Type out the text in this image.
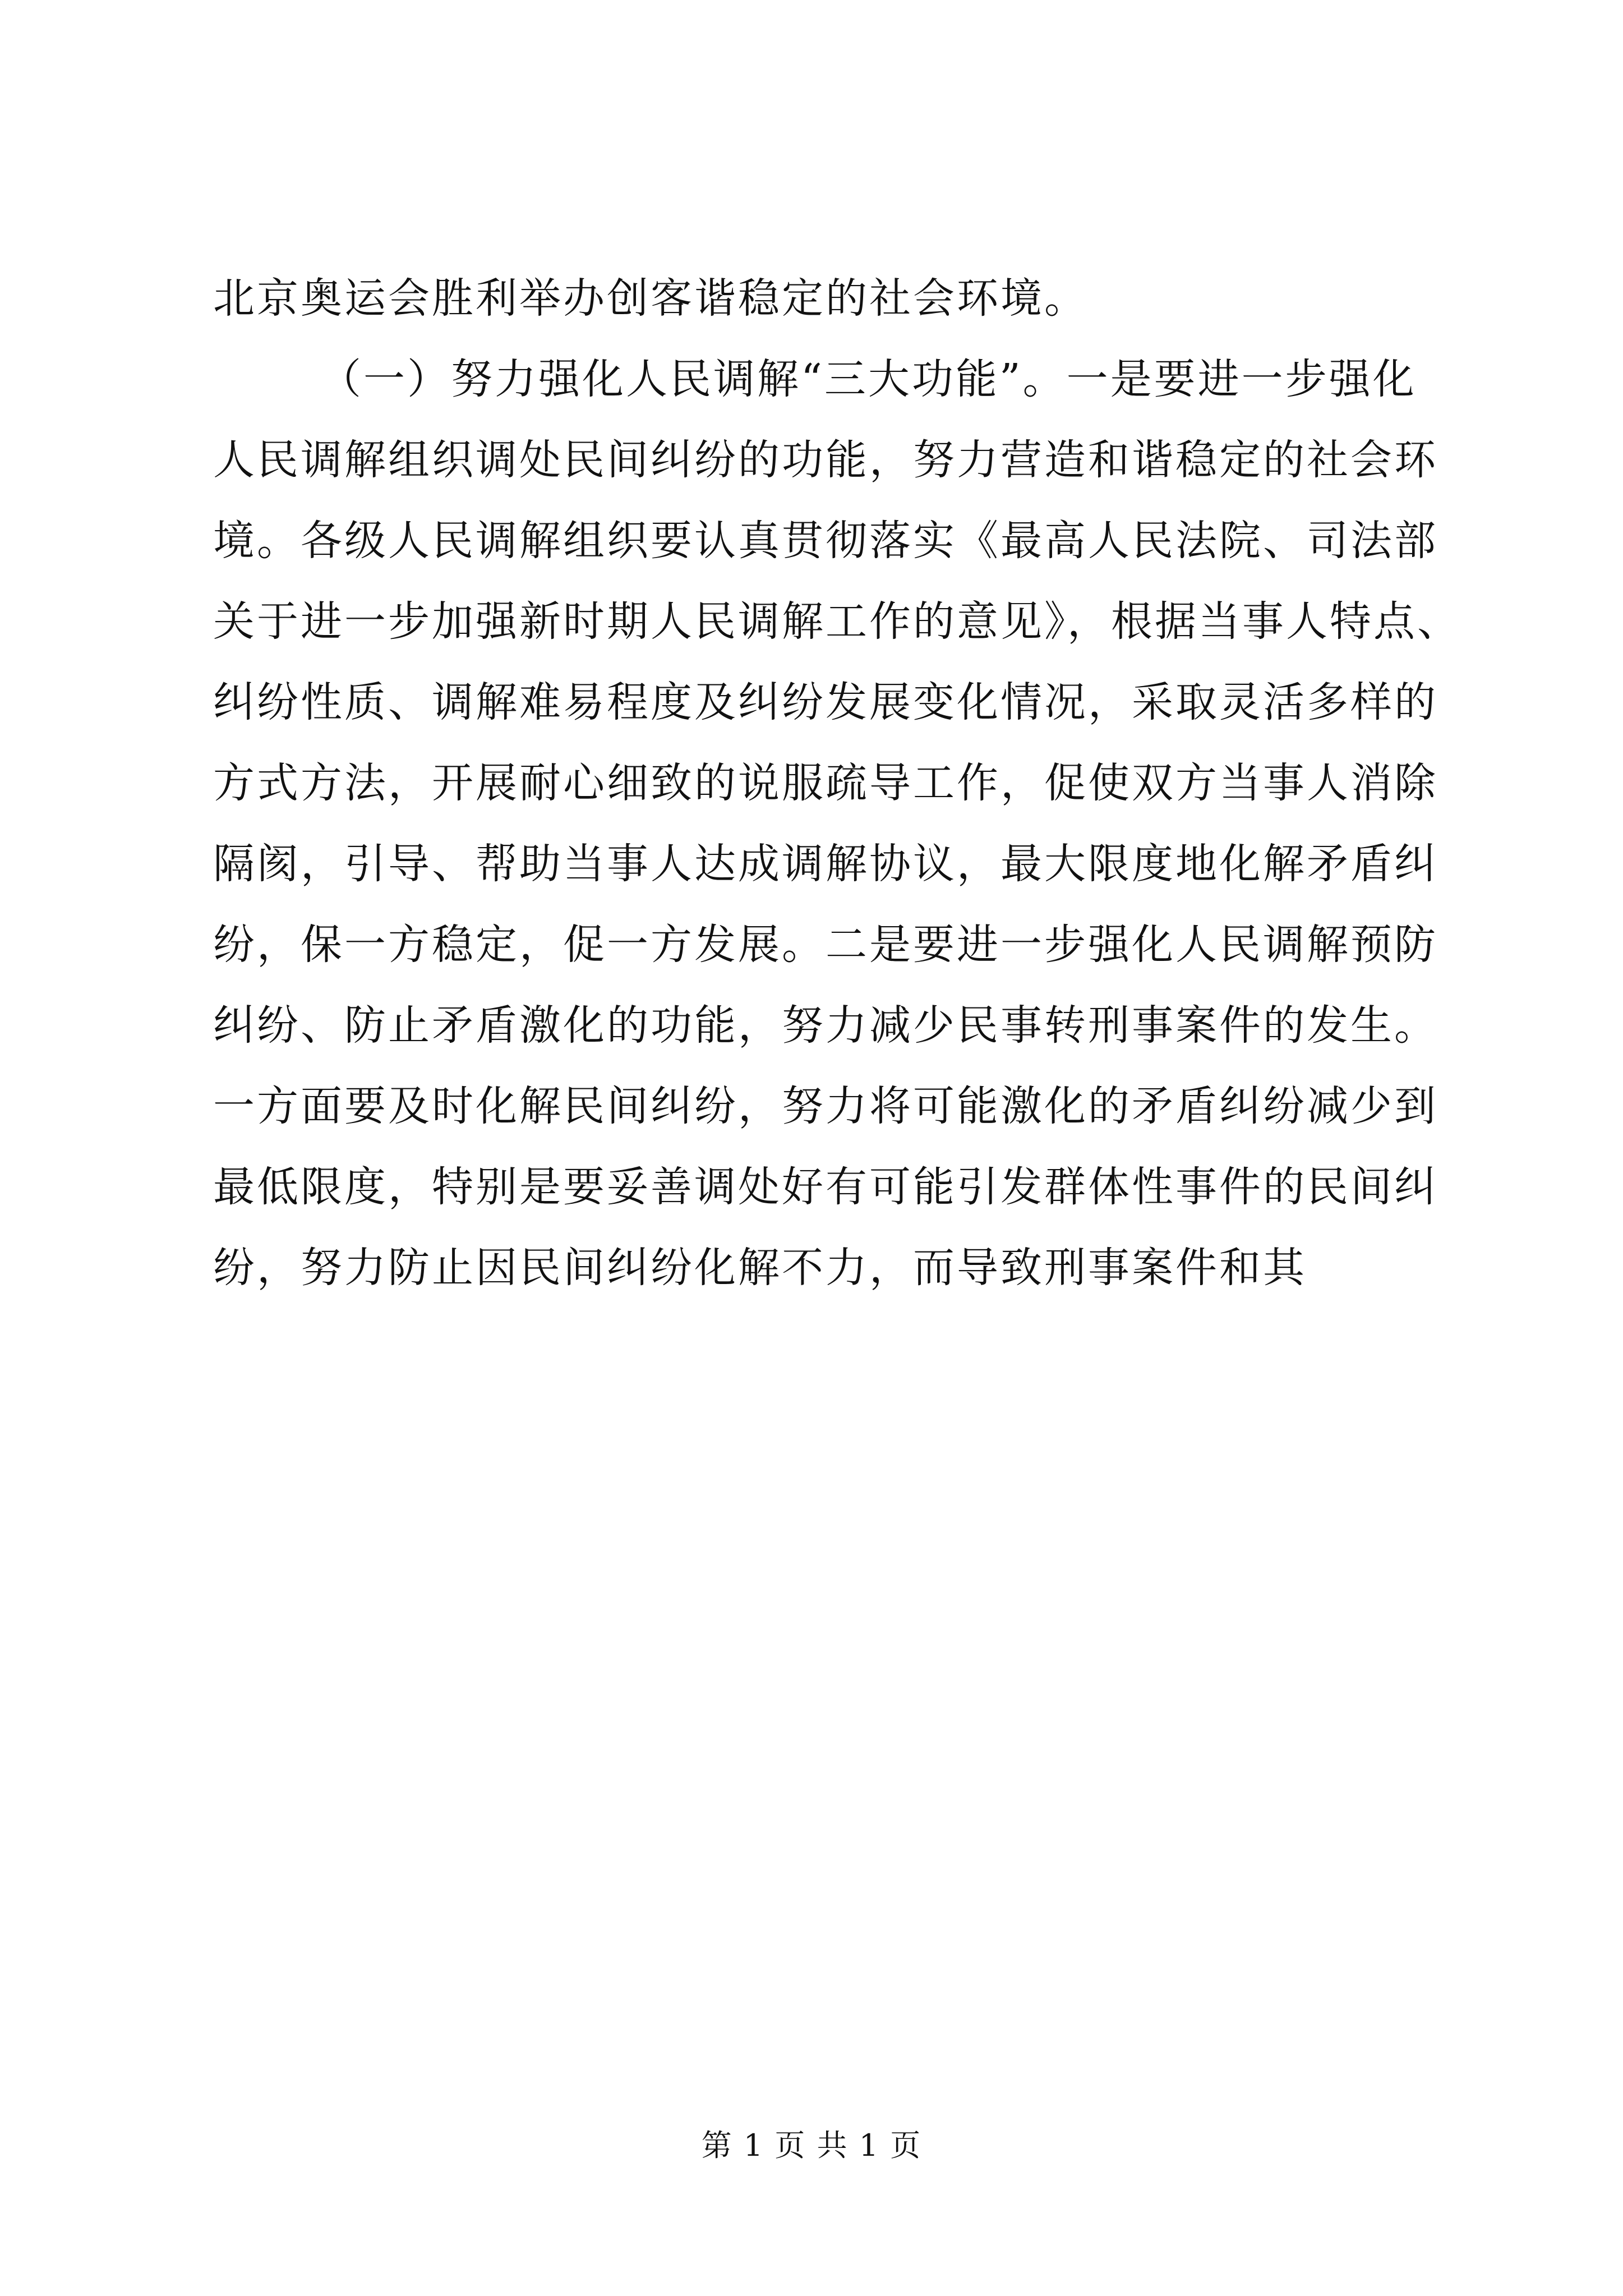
北京奥运会胜利举办创客谐稳定的社会环境。
（一）努力强化人民调解“三大功能”。一是要进一步强化
人民调解组织调处民间纠纷的功能，努力营造和谐稳定的社会环
境。各级人民调解组织要认真贯彻落实《最高人民法院、司法部
关于进一步加强新时期人民调解工作的意见》，根据当事人特点、
纠纷性质、调解难易程度及纠纷发展变化情况，采取灵活多样的
方式方法，开展耐心细致的说服疏导工作，促使双方当事人消除
隔阂，引导、帮助当事人达成调解协议，最大限度地化解矛盾纠
纷，保一方稳定，促一方发展。二是要进一步强化人民调解预防
纠纷、防止矛盾激化的功能，努力减少民事转刑事案件的发生。
一方面要及时化解民间纠纷，努力将可能激化的矛盾纠纷减少到
最低限度，特别是要妥善调处好有可能引发群体性事件的民间纠
纷，努力防止因民间纠纷化解不力，而导致刑事案件和其
第 1 页 共 1 页
